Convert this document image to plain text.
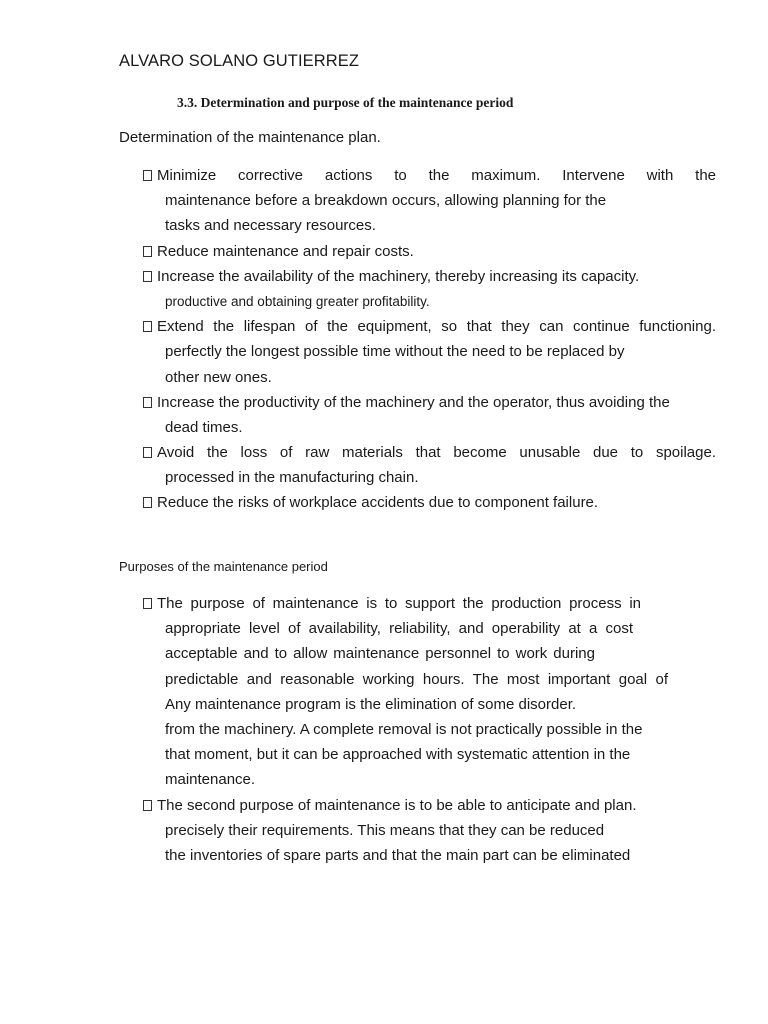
ALVARO SOLANO GUTIERREZ
3.3. Determination and purpose of the maintenance period

Determination of the maintenance plan.

Minimize corrective actions to the maximum. Intervene with the
maintenance before a breakdown occurs, allowing planning for the
tasks and necessary resources.
Reduce maintenance and repair costs.
Increase the availability of the machinery, thereby increasing its capacity.
productive and obtaining greater profitability.
Extend the lifespan of the equipment, so that they can continue functioning.
perfectly the longest possible time without the need to be replaced by
other new ones.
Increase the productivity of the machinery and the operator, thus avoiding the
dead times.
Avoid the loss of raw materials that become unusable due to spoilage.
processed in the manufacturing chain.
Reduce the risks of workplace accidents due to component failure.

Purposes of the maintenance period

The purpose of maintenance is to support the production process in
appropriate level of availability, reliability, and operability at a cost
acceptable and to allow maintenance personnel to work during
predictable and reasonable working hours. The most important goal of
Any maintenance program is the elimination of some disorder.
from the machinery. A complete removal is not practically possible in the
that moment, but it can be approached with systematic attention in the
maintenance.
The second purpose of maintenance is to be able to anticipate and plan.
precisely their requirements. This means that they can be reduced
the inventories of spare parts and that the main part can be eliminated
